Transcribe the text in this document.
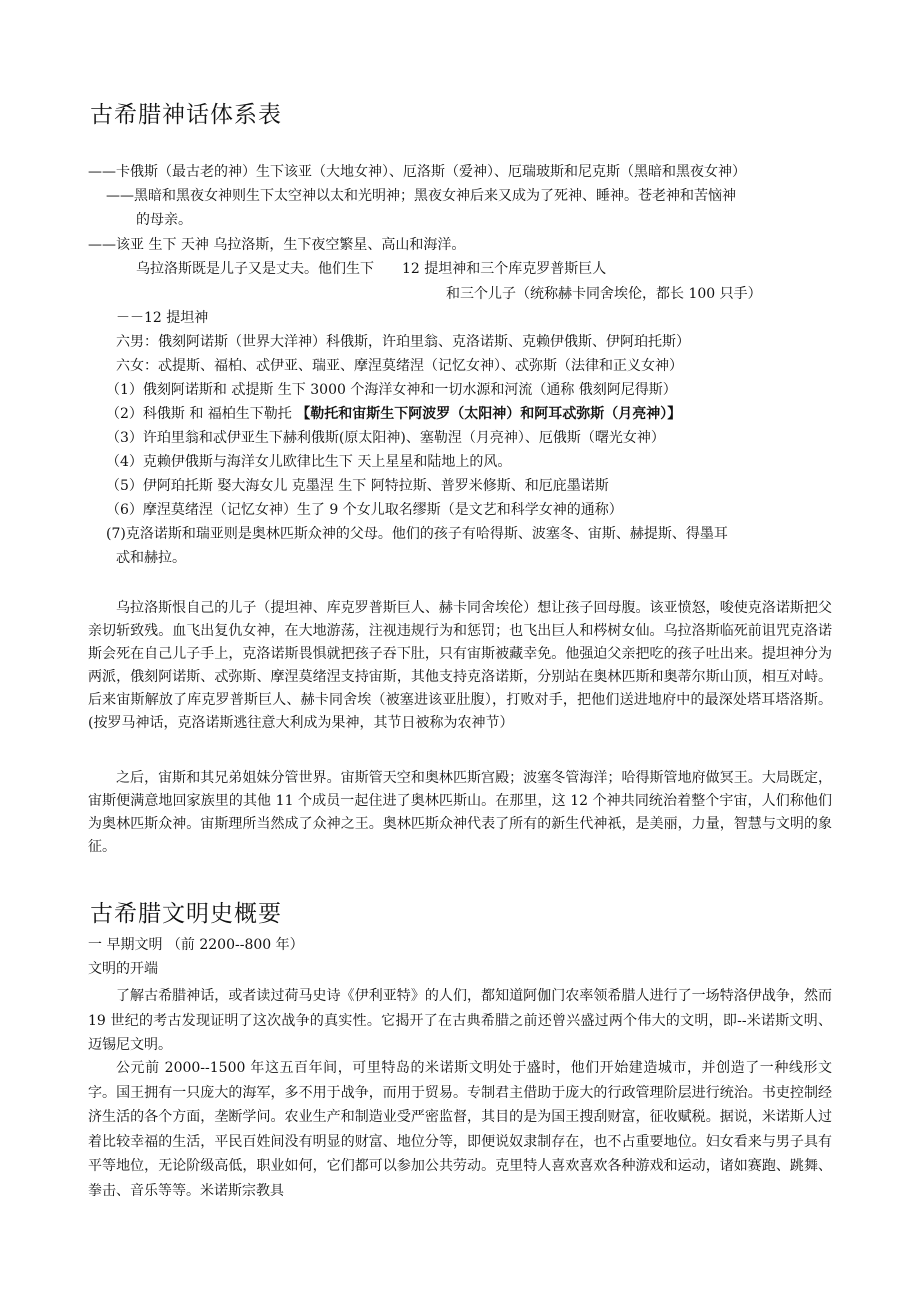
古希腊神话体系表
——卡俄斯（最古老的神）生下该亚（大地女神）、厄洛斯（爱神）、厄瑞玻斯和尼克斯（黑暗和黑夜女神）
——黑暗和黑夜女神则生下太空神以太和光明神；黑夜女神后来又成为了死神、睡神。苍老神和苦恼神
的母亲。
——该亚 生下 天神 乌拉洛斯，生下夜空繁星、高山和海洋。
乌拉洛斯既是儿子又是丈夫。他们生下　　12 提坦神和三个库克罗普斯巨人
和三个儿子（统称赫卡同舍埃伦，都长 100 只手）
－－12 提坦神
六男：俄刻阿诺斯（世界大洋神）科俄斯，许珀里翁、克洛诺斯、克赖伊俄斯、伊阿珀托斯）
六女：忒提斯、福柏、忒伊亚、瑞亚、摩涅莫绪涅（记忆女神）、忒弥斯（法律和正义女神）
（1）俄刻阿诺斯和 忒提斯 生下 3000 个海洋女神和一切水源和河流（通称 俄刻阿尼得斯）
（2）科俄斯 和 福柏生下勒托 【勒托和宙斯生下阿波罗（太阳神）和阿耳忒弥斯（月亮神）】
（3）许珀里翁和忒伊亚生下赫利俄斯(原太阳神)、塞勒涅（月亮神）、厄俄斯（曙光女神）
（4）克赖伊俄斯与海洋女儿欧律比生下 天上星星和陆地上的风。
（5）伊阿珀托斯 娶大海女儿 克墨涅 生下 阿特拉斯、普罗米修斯、和厄庇墨诺斯
（6）摩涅莫绪涅（记忆女神）生了 9 个女儿取名缪斯（是文艺和科学女神的通称）
(7)克洛诺斯和瑞亚则是奥林匹斯众神的父母。他们的孩子有哈得斯、波塞冬、宙斯、赫提斯、得墨耳
忒和赫拉。

乌拉洛斯恨自己的儿子（提坦神、库克罗普斯巨人、赫卡同舍埃伦）想让孩子回母腹。该亚愤怒，唆使克洛诺斯把父亲切斩致残。血飞出复仇女神，在大地游荡，注视违规行为和惩罚；也飞出巨人和梣树女仙。乌拉洛斯临死前诅咒克洛诺斯会死在自己儿子手上，克洛诺斯畏惧就把孩子吞下肚，只有宙斯被藏幸免。他强迫父亲把吃的孩子吐出来。提坦神分为两派，俄刻阿诺斯、忒弥斯、摩涅莫绪涅支持宙斯，其他支持克洛诺斯，分别站在奥林匹斯和奥蒂尔斯山顶，相互对峙。后来宙斯解放了库克罗普斯巨人、赫卡同舍埃（被塞进该亚肚腹），打败对手，把他们送进地府中的最深处塔耳塔洛斯。(按罗马神话，克洛诺斯逃往意大利成为果神，其节日被称为农神节）

之后，宙斯和其兄弟姐妹分管世界。宙斯管天空和奥林匹斯宫殿；波塞冬管海洋；哈得斯管地府做冥王。大局既定，宙斯便满意地回家族里的其他 11 个成员一起住进了奥林匹斯山。在那里，这 12 个神共同统治着整个宇宙，人们称他们为奥林匹斯众神。宙斯理所当然成了众神之王。奥林匹斯众神代表了所有的新生代神祇，是美丽，力量，智慧与文明的象征。

古希腊文明史概要
一 早期文明 （前 2200--800 年）
文明的开端

了解古希腊神话，或者读过荷马史诗《伊利亚特》的人们，都知道阿伽门农率领希腊人进行了一场特洛伊战争，然而 19 世纪的考古发现证明了这次战争的真实性。它揭开了在古典希腊之前还曾兴盛过两个伟大的文明，即--米诺斯文明、迈锡尼文明。

公元前 2000--1500 年这五百年间，可里特岛的米诺斯文明处于盛时，他们开始建造城市，并创造了一种线形文字。国王拥有一只庞大的海军，多不用于战争，而用于贸易。专制君主借助于庞大的行政管理阶层进行统治。书吏控制经济生活的各个方面，垄断学问。农业生产和制造业受严密监督，其目的是为国王搜刮财富，征收赋税。据说，米诺斯人过着比较幸福的生活，平民百姓间没有明显的财富、地位分等，即便说奴隶制存在，也不占重要地位。妇女看来与男子具有平等地位，无论阶级高低，职业如何，它们都可以参加公共劳动。克里特人喜欢喜欢各种游戏和运动，诸如赛跑、跳舞、拳击、音乐等等。米诺斯宗教具
